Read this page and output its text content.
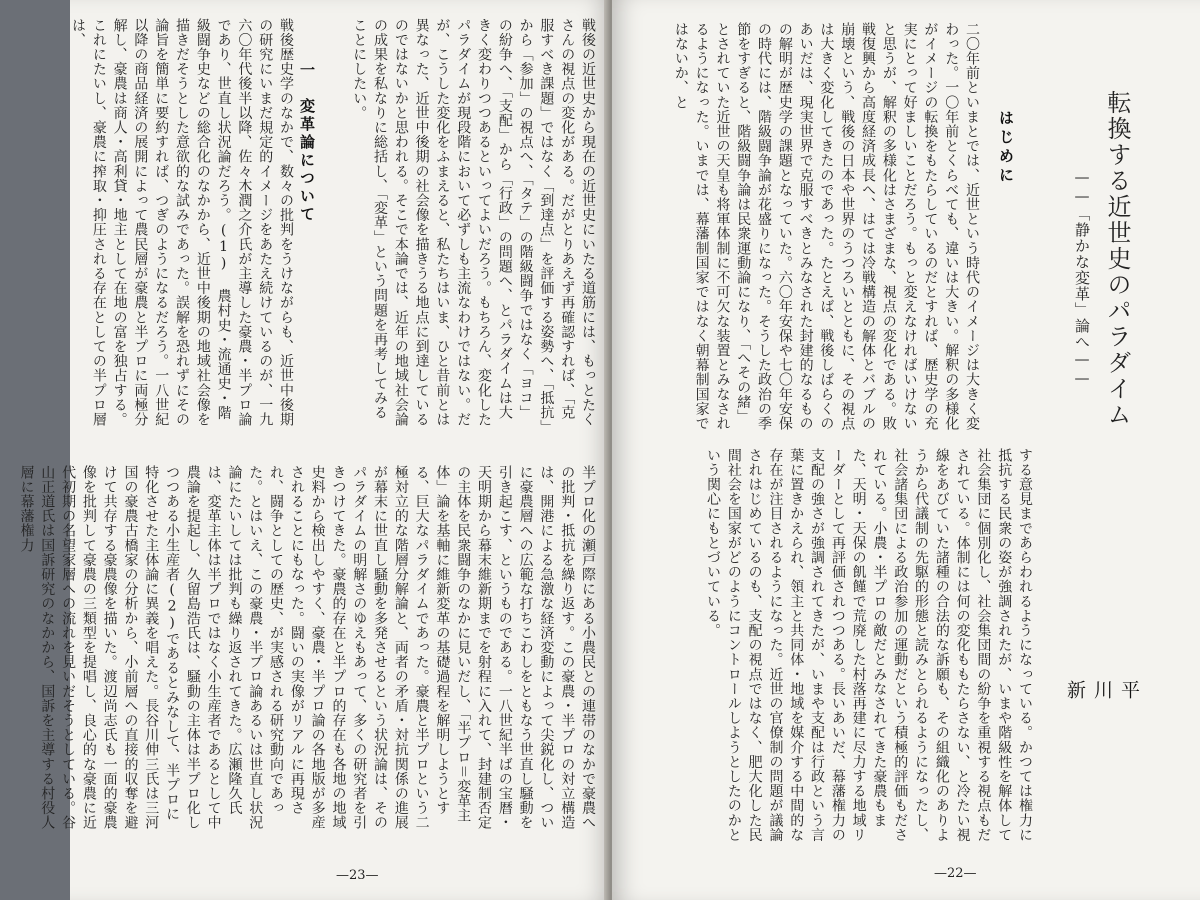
戦後の近世史から現在の近世史にいたる道筋には、もっとたくさんの視点の変化がある。だがとりあえず再確認すれば、「克服すべき課題」ではなく「到達点」を評価する姿勢へ、「抵抗」から「参加」の視点へ、「タテ」の階級闘争ではなく「ヨコ」の紛争へ、「支配」から「行政」の問題へ、とパラダイムは大きく変わりつつあるといってよいだろう。もちろん、変化したパラダイムが現段階において必ずしも主流なわけではない。だが、こうした変化をふまえると、私たちはいま、ひと昔前とは異なった、近世中後期の社会像を描きうる地点に到達しているのではないかと思われる。そこで本論では、近年の地域社会論の成果を私なりに総括し、「変革」という問題を再考してみることにしたい。
一　変革論について
戦後歴史学のなかで、数々の批判をうけながらも、近世中後期の研究にいまだ規定的イメージをあたえ続けているのが、一九六〇年代後半以降、佐々木潤之介氏が主導した豪農・半プロ論であり、世直し状況論だろう。(1) 農村史・流通史・階級闘争史などの総合化のなかから、近世中後期の地域社会像を描きだそうとした意欲的な試みであった。誤解を恐れずにその論旨を簡単に要約すれば、つぎのようになるだろう。一八世紀以降の商品経済の展開によって農民層が豪農と半プロに両極分解し、豪農は商人・高利貸・地主として在地の富を独占する。これにたいし、豪農に搾取・抑圧される存在としての半プロ層は、
半プロ化の瀬戸際にある小農民との連帯のなかで豪農への批判・抵抗を繰り返す。この豪農・半プロの対立構造は、開港による急激な経済変動によって尖鋭化し、ついに豪農層への広範な打ちこわしをともなう世直し騒動を引き起こす、というものである。一八世紀半ばの宝暦・天明期から幕末維新期までを射程に入れて、封建制否定の主体を民衆闘争のなかに見いだし、「半プロ＝変革主体」論を基軸に維新変革の基礎過程を解明しようとする、巨大なパラダイムであった。豪農と半プロという二極対立的な階層分解論と、両者の矛盾・対抗関係の進展が幕末に世直し騒動を多発させるという状況論は、そのパラダイムの明解さのゆえもあって、多くの研究者を引きつけてきた。豪農的存在と半プロ的存在も各地の地域史料から検出しやすく、豪農・半プロ論の各地版が多産されることにもなった。闘いの実像がリアルに再現され、闘争としての歴史、が実感される研究動向であった。とはいえ、この豪農・半プロ論あるいは世直し状況論にたいしては批判も繰り返されてきた。広瀬隆久氏は、変革主体は半プロではなく小生産者であるとして中農論を提起し、久留島浩氏は、騒動の主体は半プロ化しつつある小生産者(2)であるとみなして、半プロに特化させた主体論に異義を唱えた。長谷川伸三氏は三河国の豪農古橋家の分析から、小前層への直接的収奪を避けて共存する豪農像を描いた。渡辺尚志氏も一面的豪農像を批判して豪農の三類型を提唱し、良心的な豪農に近代初期の名望家層への流れを見いだそうとしている。谷山正道氏は国訴研究のなかから、国訴を主導する村役人層に幕藩権力
—23—
転換する近世史のパラダイム
——「静かな変革」論へ——
はじめに
二〇年前といまとでは、近世という時代のイメージは大きく変わった。一〇年前とくらべても、違いは大きい。解釈の多様化がイメージの転換をもたらしているのだとすれば、歴史学の充実にとって好ましいことだろう。もっと変えなければいけないと思うが、解釈の多様化はさまざまな、視点の変化である。敗戦復興から高度経済成長へ、はては冷戦構造の解体とバブルの崩壊という、戦後の日本や世界のうつろいとともに、その視点は大きく変化してきたのであった。たとえば、戦後しばらくのあいだは、現実世界で克服すべきとみなされた封建的なるものの解明が歴史学の課題となっていた。六〇年安保や七〇年安保の時代には、階級闘争論が花盛りになった。そうした政治の季節をすぎると、階級闘争論は民衆運動論になり、「へその緒」とされていた近世の天皇も将軍体制に不可欠な装置とみなされるようになった。いまでは、幕藩制国家ではなく朝幕制国家ではないか、と
平　川　新
する意見まであらわれるようになっている。かつては権力に抵抗する民衆の姿が強調されたが、いまや階級性を解体して社会集団に個別化し、社会集団間の紛争を重視する視点もだされている。体制には何の変化ももたらさない、と冷たい視線をあびていた諸種の合法的な訴願も、その組織化のありようから代議制の先駆的形態と読みとられるようになったし、社会諸集団による政治参加の運動だという積極的評価もだされている。小農・半プロの敵だとみなされてきた豪農もまた、天明・天保の飢饉で荒廃した村落再建に尽力する地域リーダーとして再評価されつつある。長いあいだ、幕藩権力の支配の強さが強調されてきたが、いまや支配は行政という言葉に置きかえられ、領主と共同体・地域を媒介する中間的な存在が注目されるようになった。近世の官僚制の問題が議論されはじめているのも、支配の視点ではなく、肥大化した民間社会を国家がどのようにコントロールしようとしたのかという関心にもとづいている。
—22—
